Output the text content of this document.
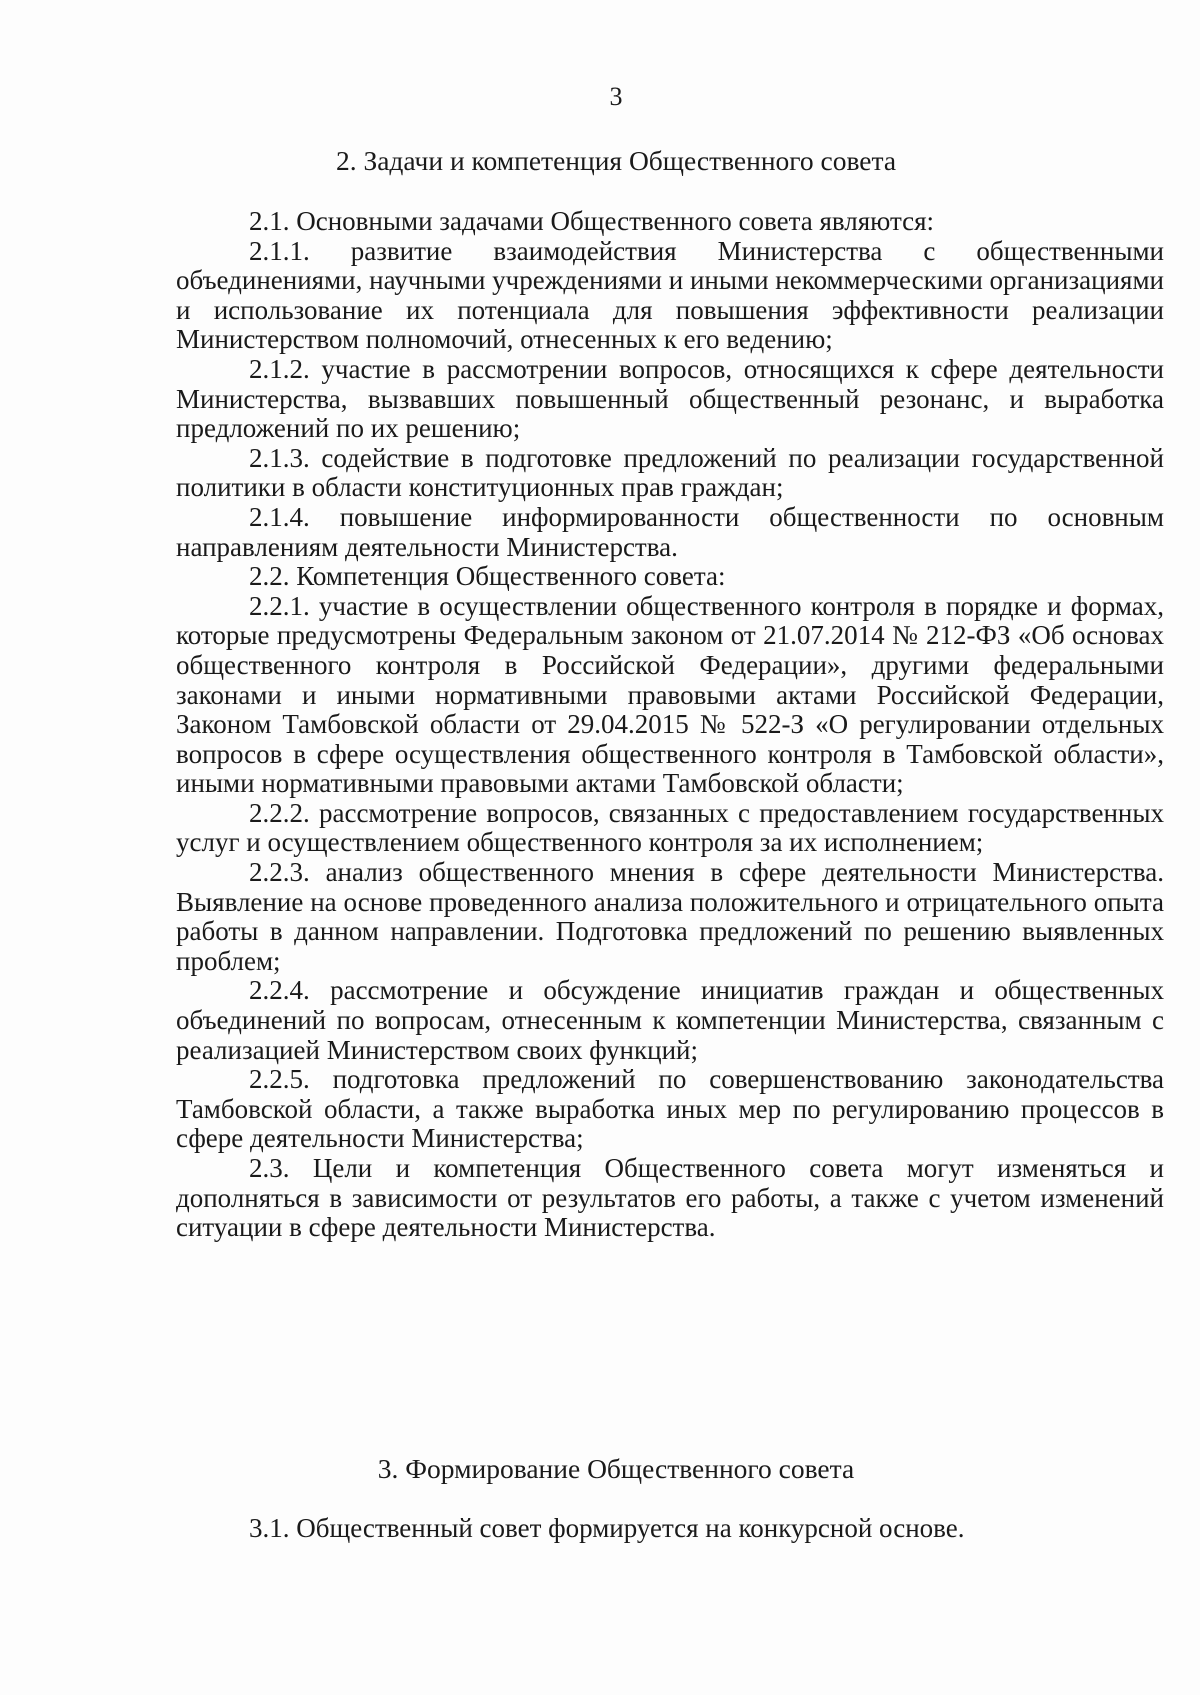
3
2. Задачи и компетенция Общественного совета

2.1. Основными задачами Общественного совета являются:

2.1.1. развитие взаимодействия Министерства с общественными объединениями, научными учреждениями и иными некоммерческими организациями и использование их потенциала для повышения эффективности реализации Министерством полномочий, отнесенных к его ведению;

2.1.2. участие в рассмотрении вопросов, относящихся к сфере деятельности Министерства, вызвавших повышенный общественный резонанс, и выработка предложений по их решению;

2.1.3. содействие в подготовке предложений по реализации государственной политики в области конституционных прав граждан;

2.1.4. повышение информированности общественности по основным направлениям деятельности Министерства.

2.2. Компетенция Общественного совета:

2.2.1. участие в осуществлении общественного контроля в порядке и формах, которые предусмотрены Федеральным законом от 21.07.2014 № 212-ФЗ «Об основах общественного контроля в Российской Федерации», другими федеральными законами и иными нормативными правовыми актами Российской Федерации, Законом Тамбовской области от 29.04.2015 № 522-З «О регулировании отдельных вопросов в сфере осуществления общественного контроля в Тамбовской области», иными нормативными правовыми актами Тамбовской области;

2.2.2. рассмотрение вопросов, связанных с предоставлением государственных услуг и осуществлением общественного контроля за их исполнением;

2.2.3. анализ общественного мнения в сфере деятельности Министерства. Выявление на основе проведенного анализа положительного и отрицательного опыта работы в данном направлении. Подготовка предложений по решению выявленных проблем;

2.2.4. рассмотрение и обсуждение инициатив граждан и общественных объединений по вопросам, отнесенным к компетенции Министерства, связанным с реализацией Министерством своих функций;

2.2.5. подготовка предложений по совершенствованию законодательства Тамбовской области, а также выработка иных мер по регулированию процессов в сфере деятельности Министерства;

2.3. Цели и компетенция Общественного совета могут изменяться и дополняться в зависимости от результатов его работы, а также с учетом изменений ситуации в сфере деятельности Министерства.

3. Формирование Общественного совета

3.1. Общественный совет формируется на конкурсной основе.
